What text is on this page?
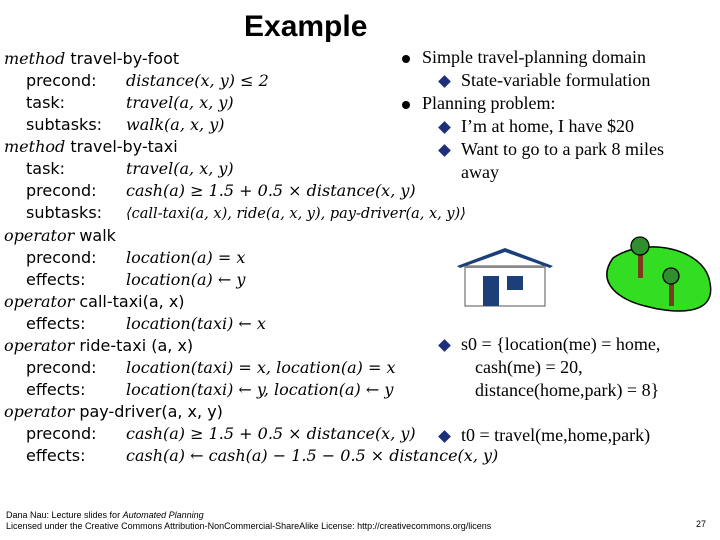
Example
method travel-by-foot
precond: distance(x, y) ≤ 2
task:	travel(a, x, y)
subtasks: walk(a, x, y)
method travel-by-taxi
task:	travel(a, x, y)
precond: cash(a) ≥ 1.5 + 0.5 × distance(x, y)
subtasks: ⟨call-taxi(a, x), ride(a, x, y), pay-driver(a, x, y)⟩
operator walk
precond: location(a) = x
effects:	location(a) ← y
operator call-taxi(a, x)
effects:	location(taxi) ← x
operator ride-taxi (a, x)
precond: location(taxi) = x, location(a) = x
effects:	location(taxi) ← y, location(a) ← y
operator pay-driver(a, x, y)
precond: cash(a) ≥ 1.5 + 0.5 × distance(x, y)
effects:	cash(a) ← cash(a) − 1.5 − 0.5 × distance(x, y)
Simple travel-planning domain
State-variable formulation
Planning problem:
I’m at home, I have $20
Want to go to a park 8 miles
away
s0 = {location(me) = home,
cash(me) = 20,
distance(home,park) = 8}
t0 = travel(me,home,park)
Dana Nau: Lecture slides for Automated Planning
Licensed under the Creative Commons Attribution-NonCommercial-ShareAlike License: http://creativecommons.org/licens	27
